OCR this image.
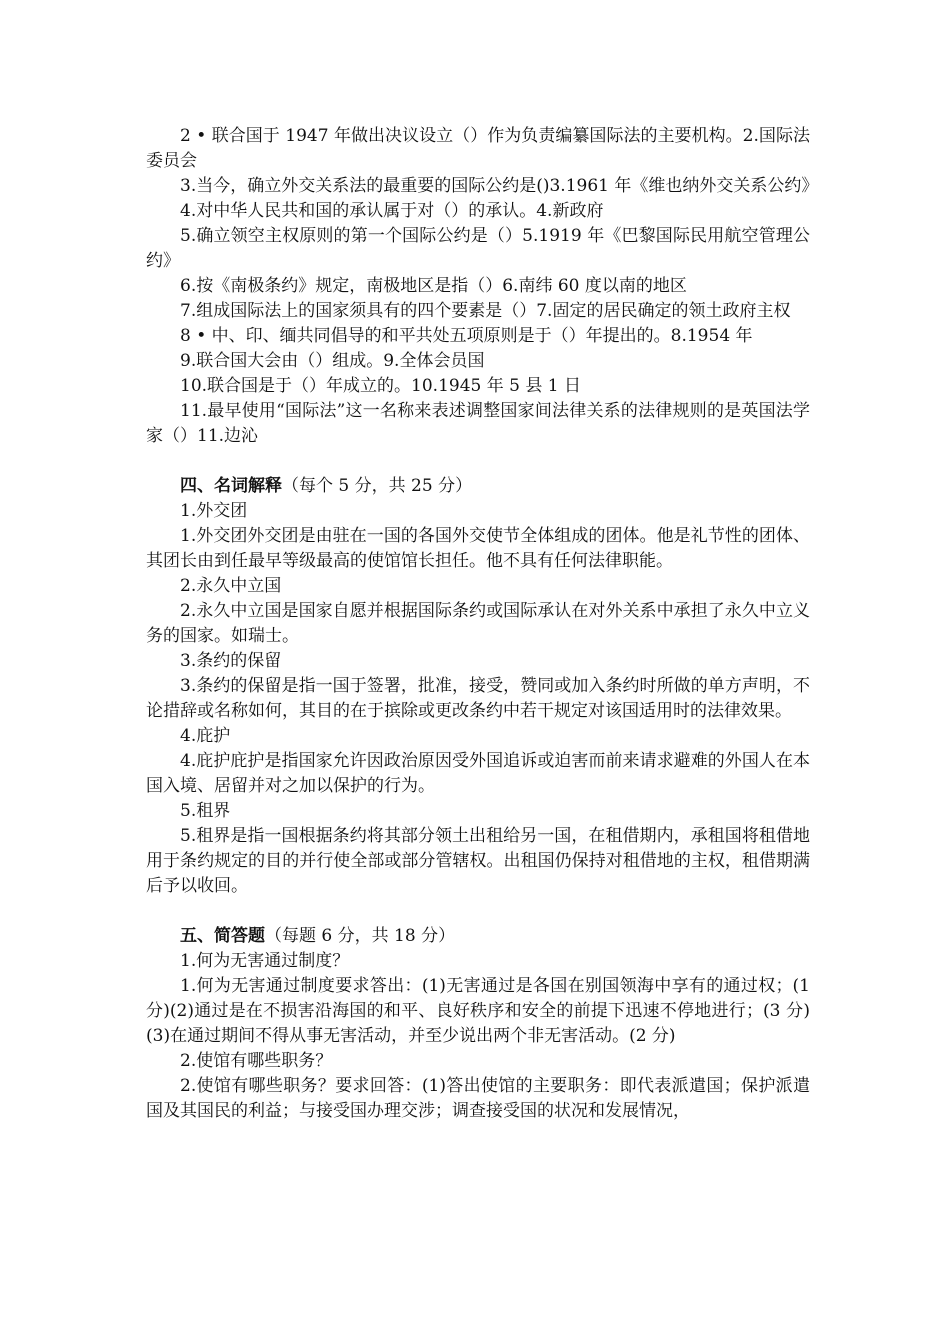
2 • 联合国于 1947 年做出决议设立（）作为负责编纂国际法的主要机构。2.国际法委员会

3.当今，确立外交关系法的最重要的国际公约是()3.1961 年《维也纳外交关系公约》

4.对中华人民共和国的承认属于对（）的承认。4.新政府

5.确立领空主权原则的第一个国际公约是（）5.1919 年《巴黎国际民用航空管理公约》

6.按《南极条约》规定，南极地区是指（）6.南纬 60 度以南的地区

7.组成国际法上的国家须具有的四个要素是（）7.固定的居民确定的领土政府主权

8 • 中、印、缅共同倡导的和平共处五项原则是于（）年提出的。8.1954 年

9.联合国大会由（）组成。9.全体会员国

10.联合国是于（）年成立的。10.1945 年 5 县 1 日

11.最早使用“国际法”这一名称来表述调整国家间法律关系的法律规则的是英国法学家（）11.边沁

四、名词解释（每个 5 分，共 25 分）

1.外交团

1.外交团外交团是由驻在一国的各国外交使节全体组成的团体。他是礼节性的团体、其团长由到任最早等级最高的使馆馆长担任。他不具有任何法律职能。

2.永久中立国

2.永久中立国是国家自愿并根据国际条约或国际承认在对外关系中承担了永久中立义务的国家。如瑞士。

3.条约的保留

3.条约的保留是指一国于签署，批准，接受，赞同或加入条约时所做的单方声明，不论措辞或名称如何，其目的在于摈除或更改条约中若干规定对该国适用时的法律效果。

4.庇护

4.庇护庇护是指国家允许因政治原因受外国追诉或迫害而前来请求避难的外国人在本国入境、居留并对之加以保护的行为。

5.租界

5.租界是指一国根据条约将其部分领土出租给另一国，在租借期内，承租国将租借地用于条约规定的目的并行使全部或部分管辖权。出租国仍保持对租借地的主权，租借期满后予以收回。

五、简答题（每题 6 分，共 18 分）

1.何为无害通过制度？

1.何为无害通过制度要求答出：(1)无害通过是各国在别国领海中享有的通过权；(1 分)(2)通过是在不损害沿海国的和平、良好秩序和安全的前提下迅速不停地进行；(3 分)(3)在通过期间不得从事无害活动，并至少说出两个非无害活动。(2 分)

2.使馆有哪些职务？

2.使馆有哪些职务？要求回答：(1)答出使馆的主要职务：即代表派遣国；保护派遣国及其国民的利益；与接受国办理交涉；调查接受国的状况和发展情况，
